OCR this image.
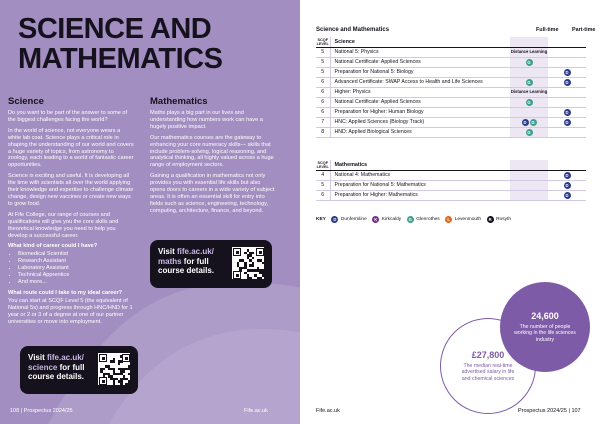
SCIENCE AND
MATHEMATICS
Science

Do you want to be part of the answer to some of the biggest challenges facing the world?

In the world of science, not everyone wears a white lab coat. Science plays a critical role in shaping the understanding of our world and covers a huge variety of topics, from astronomy to zoology, each leading to a world of fantastic career opportunities.

Science is exciting and useful. It is developing all the time with scientists all over the world applying their knowledge and expertise to challenge climate change, design new vaccines or create new ways to grow food.

At Fife College, our range of courses and qualifications will give you the core skills and theoretical knowledge you need to help you develop a successful career.

What kind of career could I have?
• Biomedical Scientist
• Research Assistant
• Laboratory Assistant
• Technical Apprentice
• And more...
What route could I take to my ideal career?

You can start at SCQF Level 5 (the equivalent of National 5s) and progress through HNC/HND for 1 year or 2 or 3 of a degree at one of our partner universities or move into employment.

Mathematics

Maths plays a big part in our lives and understanding how numbers work can have a hugely positive impact.

Our mathematics courses are the gateway to enhancing your core numeracy skills— skills that include problem-solving, logical reasoning, and analytical thinking, all highly valued across a huge range of employment sectors.

Gaining a qualification in mathematics not only provides you with essential life skills but also opens doors to careers in a wide variety of subject areas. It is often an essential skill for entry into fields such as science, engineering, technology, computing, architecture, finance, and beyond.

Visit fife.ac.uk/ maths for full course details.
Visit fife.ac.uk/ science for full course details.
108 | Prospectus 2024/25	Fife.ac.uk
Science and Mathematics	Full-time	Part-time
SCQF LEVEL	Science		
5	National 5: Physics	Distance Learning	

5	National Certificate: Applied Sciences	G	
5	Preparation for National 5: Biology		D
6	Advanced Certificate: SWAP Access to Health and Life Sciences	G	D
6	Higher: Physics	Distance Learning	

6	National Certificate: Applied Sciences	G	
6	Preparation for Higher: Human Biology		D
7	HNC: Applied Sciences (Biology Track)	D G	D
8	HND: Applied Biological Sciences	G	
SCQF LEVEL	Mathematics		
4	National 4: Mathematics		D
5	Preparation for National 5: Mathematics		D
6	Preparation for Higher: Mathematics		D
KEY	D Dunfermline	K Kirkcaldy	G Glenrothes	L Levenmouth	R Rosyth
£27,800
The median real-time advertised salary in life and chemical sciences
24,600
The number of people working in the life sciences industry
Fife.ac.uk	Prospectus 2024/25 | 107
